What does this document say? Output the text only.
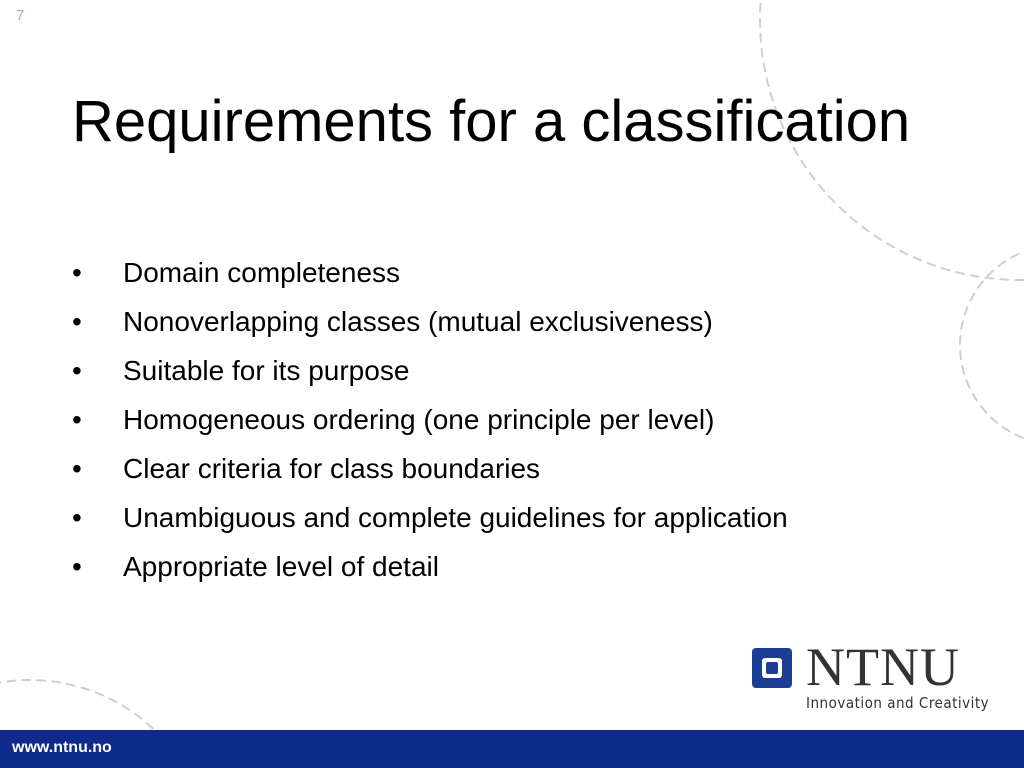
7
Requirements for a classification
•	Domain completeness
•	Nonoverlapping classes (mutual exclusiveness)
•	Suitable for its purpose
•	Homogeneous ordering (one principle per level)
•	Clear criteria for class boundaries
•	Unambiguous and complete guidelines for application
•	Appropriate level of detail
NTNU
Innovation and Creativity
www.ntnu.no
